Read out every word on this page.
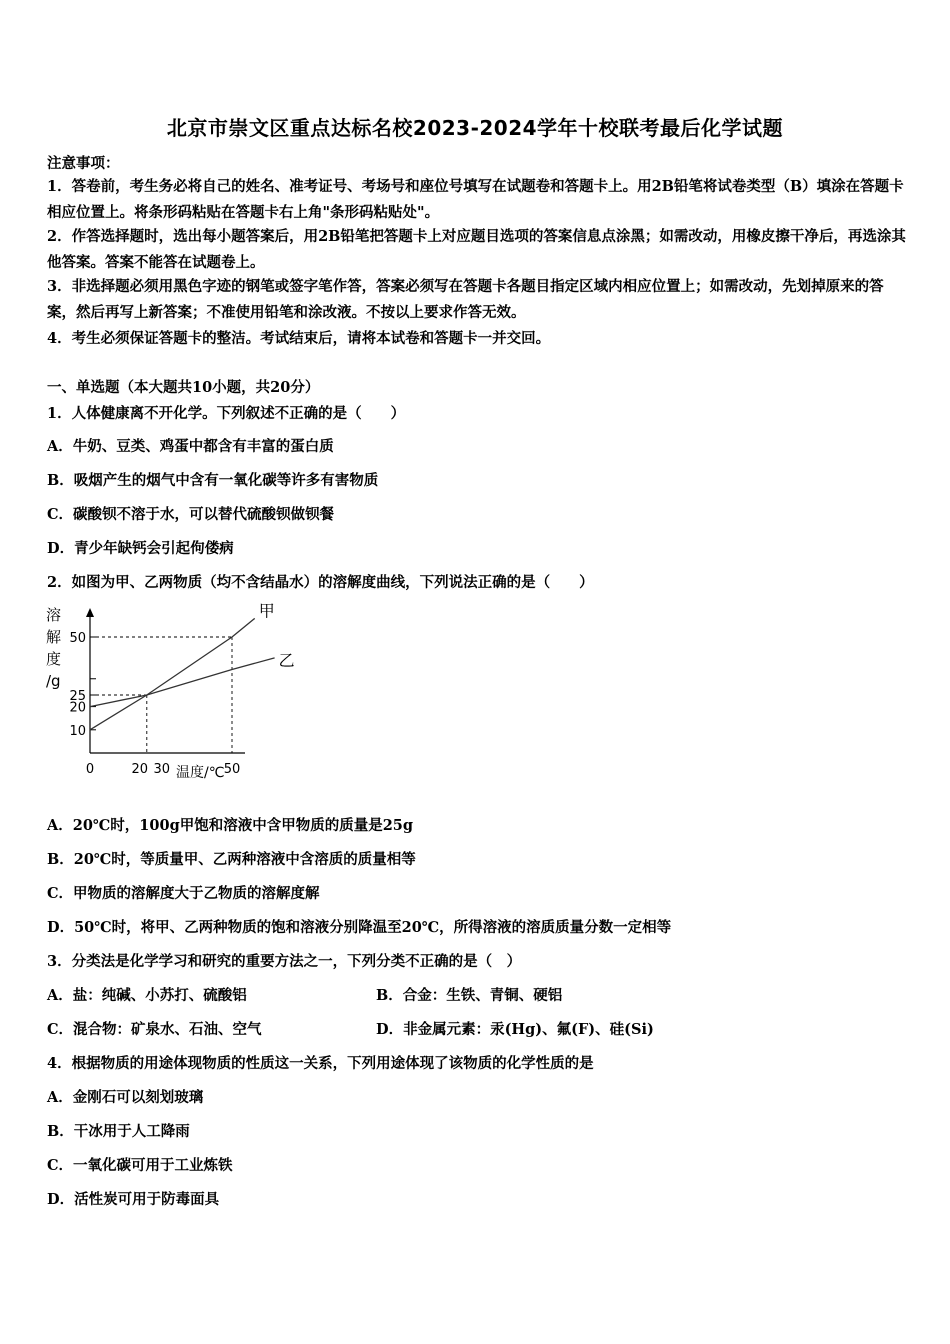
北京市崇文区重点达标名校2023-2024学年十校联考最后化学试题
注意事项：
1．答卷前，考生务必将自己的姓名、准考证号、考场号和座位号填写在试题卷和答题卡上。用2B铅笔将试卷类型（B）填涂在答题卡相应位置上。将条形码粘贴在答题卡右上角"条形码粘贴处"。
2．作答选择题时，选出每小题答案后，用2B铅笔把答题卡上对应题目选项的答案信息点涂黑；如需改动，用橡皮擦干净后，再选涂其他答案。答案不能答在试题卷上。
3．非选择题必须用黑色字迹的钢笔或签字笔作答，答案必须写在答题卡各题目指定区域内相应位置上；如需改动，先划掉原来的答案，然后再写上新答案；不准使用铅笔和涂改液。不按以上要求作答无效。
4．考生必须保证答题卡的整洁。考试结束后，请将本试卷和答题卡一并交回。
一、单选题（本大题共10小题，共20分）
1．人体健康离不开化学。下列叙述不正确的是（　　）
A．牛奶、豆类、鸡蛋中都含有丰富的蛋白质
B．吸烟产生的烟气中含有一氧化碳等许多有害物质
C．碳酸钡不溶于水，可以替代硫酸钡做钡餐
D．青少年缺钙会引起佝偻病
2．如图为甲、乙两物质（均不含结晶水）的溶解度曲线，下列说法正确的是（　　）
溶
解
度
/g
10
20
25
50
0	20 30	50
甲
乙
温度/℃
A．20℃时，100g甲饱和溶液中含甲物质的质量是25g
B．20℃时，等质量甲、乙两种溶液中含溶质的质量相等
C．甲物质的溶解度大于乙物质的溶解度解
D．50℃时，将甲、乙两种物质的饱和溶液分别降温至20℃，所得溶液的溶质质量分数一定相等
3．分类法是化学学习和研究的重要方法之一，下列分类不正确的是（　）
A．盐：纯碱、小苏打、硫酸铝	B．合金：生铁、青铜、硬铝
C．混合物：矿泉水、石油、空气	D．非金属元素：汞(Hg)、氟(F)、硅(Si)
4．根据物质的用途体现物质的性质这一关系，下列用途体现了该物质的化学性质的是
A．金刚石可以刻划玻璃
B．干冰用于人工降雨
C．一氧化碳可用于工业炼铁
D．活性炭可用于防毒面具
